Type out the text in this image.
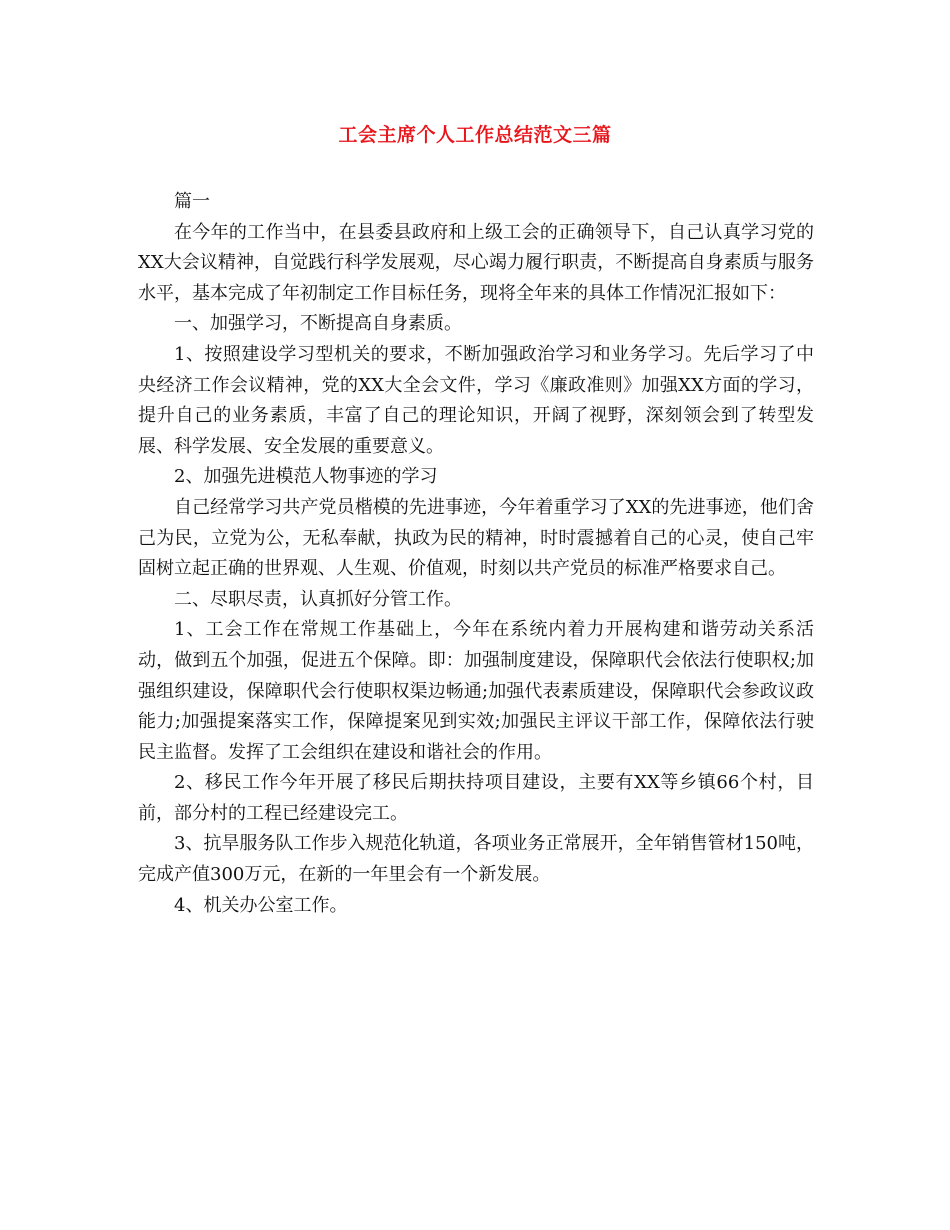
工会主席个人工作总结范文三篇

篇一

在今年的工作当中，在县委县政府和上级工会的正确领导下，自己认真学习党的XX大会议精神，自觉践行科学发展观，尽心竭力履行职责，不断提高自身素质与服务水平，基本完成了年初制定工作目标任务，现将全年来的具体工作情况汇报如下：

一、加强学习，不断提高自身素质。

1、按照建设学习型机关的要求，不断加强政治学习和业务学习。先后学习了中央经济工作会议精神，党的XX大全会文件，学习《廉政准则》加强XX方面的学习，提升自己的业务素质，丰富了自己的理论知识，开阔了视野，深刻领会到了转型发展、科学发展、安全发展的重要意义。

2、加强先进模范人物事迹的学习

自己经常学习共产党员楷模的先进事迹，今年着重学习了XX的先进事迹，他们舍己为民，立党为公，无私奉献，执政为民的精神，时时震撼着自己的心灵，使自己牢固树立起正确的世界观、人生观、价值观，时刻以共产党员的标准严格要求自己。

二、尽职尽责，认真抓好分管工作。

1、工会工作在常规工作基础上，今年在系统内着力开展构建和谐劳动关系活动，做到五个加强，促进五个保障。即：加强制度建设，保障职代会依法行使职权;加强组织建设，保障职代会行使职权渠边畅通;加强代表素质建设，保障职代会参政议政能力;加强提案落实工作，保障提案见到实效;加强民主评议干部工作，保障依法行驶民主监督。发挥了工会组织在建设和谐社会的作用。

2、移民工作今年开展了移民后期扶持项目建设，主要有XX等乡镇66个村，目前，部分村的工程已经建设完工。

3、抗旱服务队工作步入规范化轨道，各项业务正常展开，全年销售管材150吨，完成产值300万元，在新的一年里会有一个新发展。

4、机关办公室工作。
